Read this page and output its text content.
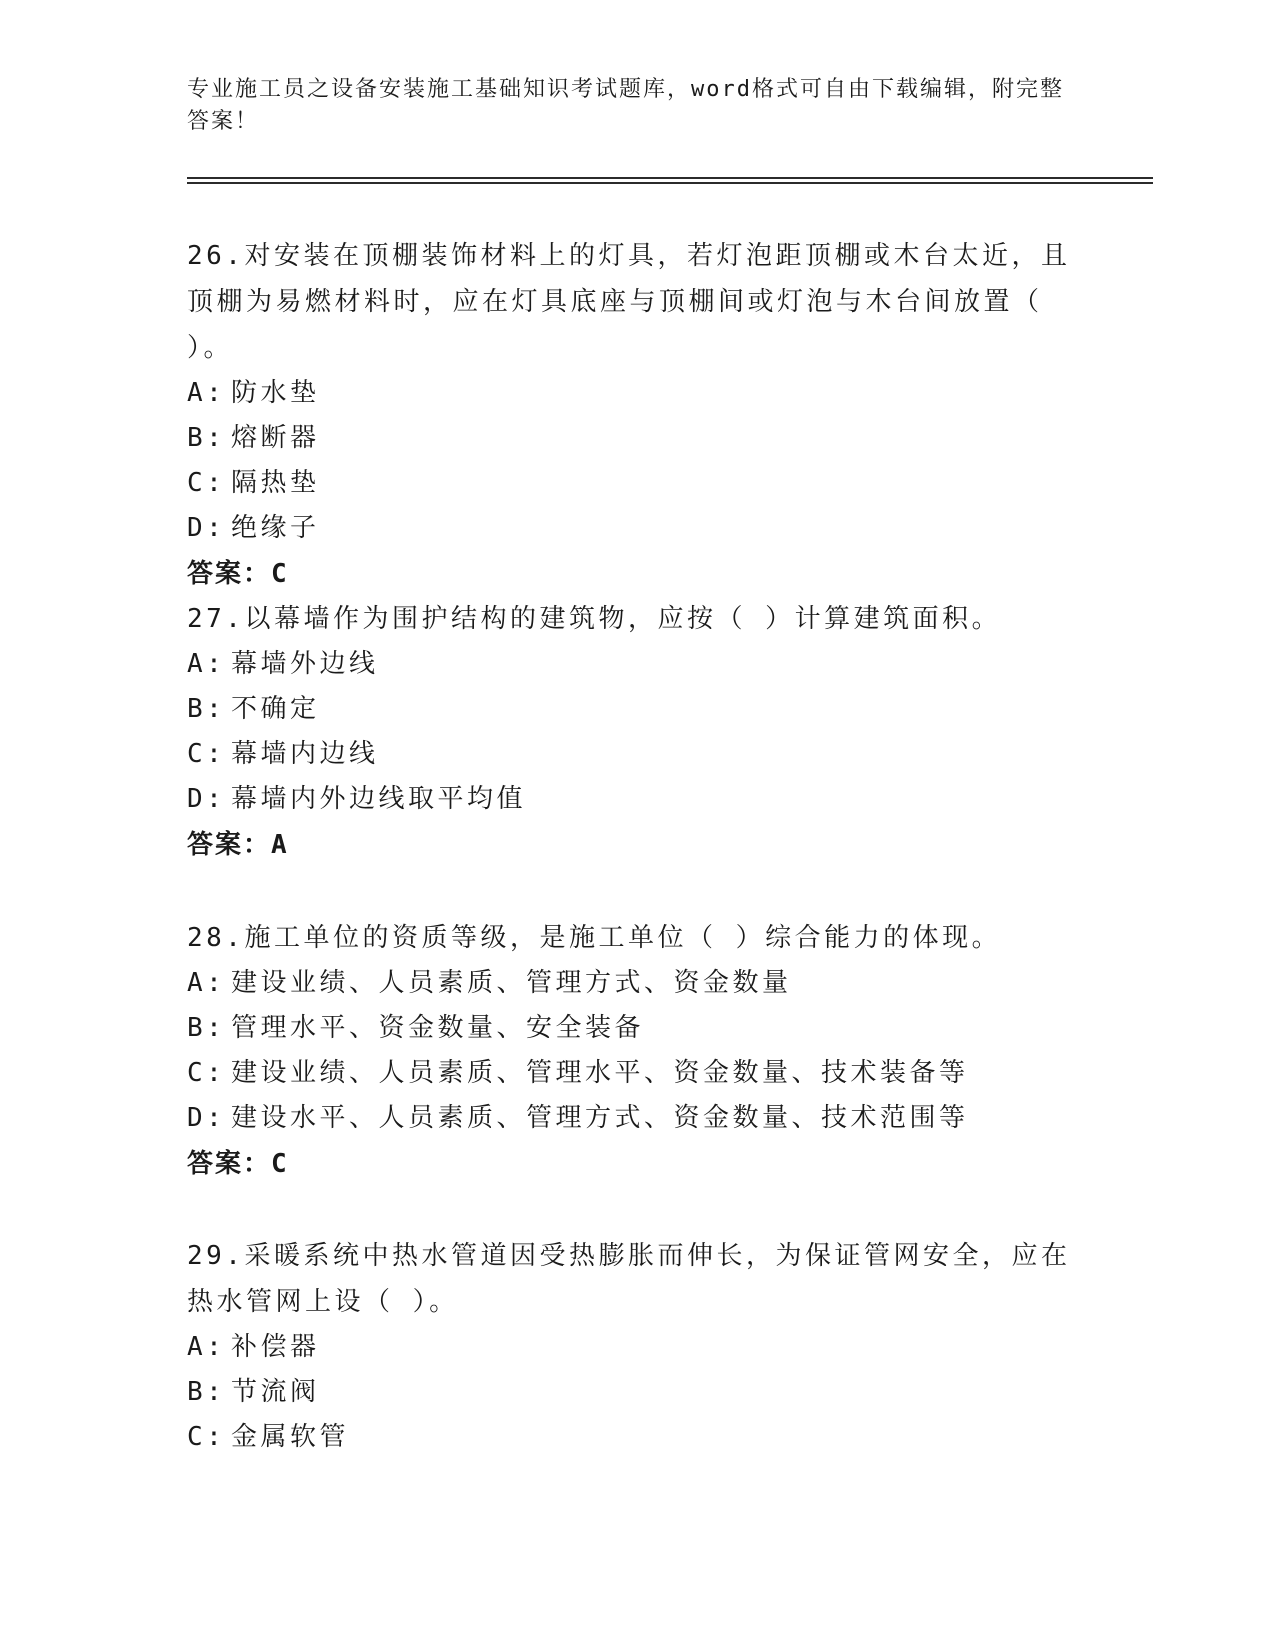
专业施工员之设备安装施工基础知识考试题库，word格式可自由下载编辑，附完整答案！

26.对安装在顶棚装饰材料上的灯具，若灯泡距顶棚或木台太近，且顶棚为易燃材料时，应在灯具底座与顶棚间或灯泡与木台间放置（ ）。

A: 防水垫

B: 熔断器

C: 隔热垫

D: 绝缘子

答案：C

27.以幕墙作为围护结构的建筑物，应按（ ）计算建筑面积。

A: 幕墙外边线

B: 不确定

C: 幕墙内边线

D: 幕墙内外边线取平均值

答案：A

28.施工单位的资质等级，是施工单位（ ）综合能力的体现。

A: 建设业绩、人员素质、管理方式、资金数量

B: 管理水平、资金数量、安全装备

C: 建设业绩、人员素质、管理水平、资金数量、技术装备等

D: 建设水平、人员素质、管理方式、资金数量、技术范围等

答案：C

29.采暖系统中热水管道因受热膨胀而伸长，为保证管网安全，应在热水管网上设（ ）。

A: 补偿器

B: 节流阀

C: 金属软管
